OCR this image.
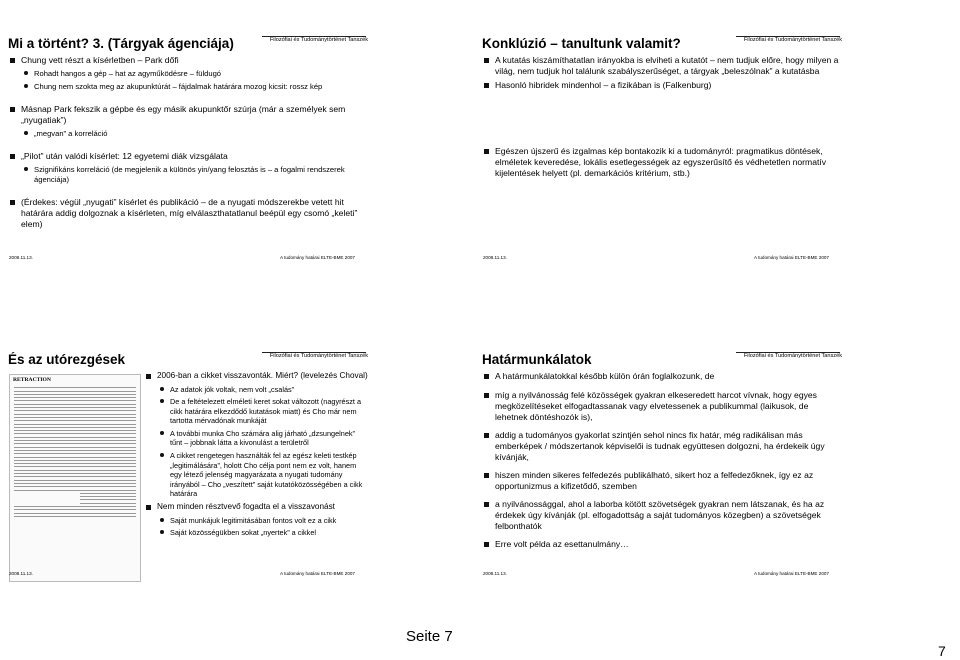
Mi a történt? 3. (Tárgyak ágenciája)	Filozófiai és Tudománytörténet Tanszék
Chung vett részt a kísérletben – Park dőfi
Rohadt hangos a gép – hat az agyműködésre – füldugó
Chung nem szokta meg az akupunktúrát – fájdalmak határára mozog kicsit: rossz kép
Másnap Park fekszik a gépbe és egy másik akupunktőr szúrja (már a személyek sem „nyugatiak”)
„megvan” a korreláció
„Pilot” után valódi kísérlet: 12 egyetemi diák vizsgálata
Szignifikáns korreláció (de megjelenik a különös yin/yang felosztás is – a fogalmi rendszerek ágenciája)
(Érdekes: végül „nyugati” kísérlet és publikáció – de a nyugati módszerekbe vetett hit határára addig dolgoznak a kísérleten, míg elválaszthatatlanul beépül egy csomó „keleti” elem)
2008.11.13.	A tudomány határai ELTE-BME 2007
Konklúzió – tanultunk valamit?	Filozófiai és Tudománytörténet Tanszék
A kutatás kiszámíthatatlan irányokba is elviheti a kutatót – nem tudjuk előre, hogy milyen a világ, nem tudjuk hol találunk szabályszerűséget, a tárgyak „beleszólnak” a kutatásba
Hasonló hibridek mindenhol – a fizikában is (Falkenburg)
Egészen újszerű és izgalmas kép bontakozik ki a tudományról: pragmatikus döntések, elméletek keveredése, lokális esetlegességek az egyszerűsítő és védhetetlen normatív kijelentések helyett (pl. demarkációs kritérium, stb.)
2008.11.13.	A tudomány határai ELTE-BME 2007
És az utórezgések	Filozófiai és Tudománytörténet Tanszék
RETRACTION	2006-ban a cikket visszavonták. Miért? (levelezés Choval)
Az adatok jók voltak, nem volt „csalás”
De a feltételezett elméleti keret sokat változott (nagyrészt a cikk határára elkezdődő kutatások miatt) és Cho már nem tartotta mérvadónak munkáját
A további munka Cho számára alig járható „dzsungelnek” tűnt – jobbnak látta a kivonulást a területről
A cikket rengetegen használták fel az egész keleti testkép „legitimálására”, holott Cho célja pont nem ez volt, hanem egy létező jelenség magyarázata a nyugati tudomány irányából – Cho „veszített” saját kutatóközösségében a cikk határára
Nem minden résztvevő fogadta el a visszavonást
Saját munkájuk legitimitásában fontos volt ez a cikk
Saját közösségükben sokat „nyertek” a cikkel
2008.11.13.	A tudomány határai ELTE-BME 2007
Határmunkálatok	Filozófiai és Tudománytörténet Tanszék
A határmunkálatokkal később külön órán foglalkozunk, de
míg a nyilvánosság felé közösségek gyakran elkeseredett harcot vívnak, hogy egyes megközelítéseket elfogadtassanak vagy elvetessenek a publikummal (laikusok, de lehetnek döntéshozók is),
addig a tudományos gyakorlat szintjén sehol nincs fix határ, még radikálisan más emberképek / módszertanok képviselői is tudnak együttesen dolgozni, ha érdekeik úgy kívánják,
hiszen minden sikeres felfedezés publikálható, sikert hoz a felfedezőknek, így ez az opportunizmus a kifizetődő, szemben
a nyilvánossággal, ahol a laborba kötött szövetségek gyakran nem látszanak, és ha az érdekek úgy kívánják (pl. elfogadottság a saját tudományos közegben) a szövetségek felbonthatók
Erre volt példa az esettanulmány…
2008.11.13.	A tudomány határai ELTE-BME 2007
Seite 7
7
